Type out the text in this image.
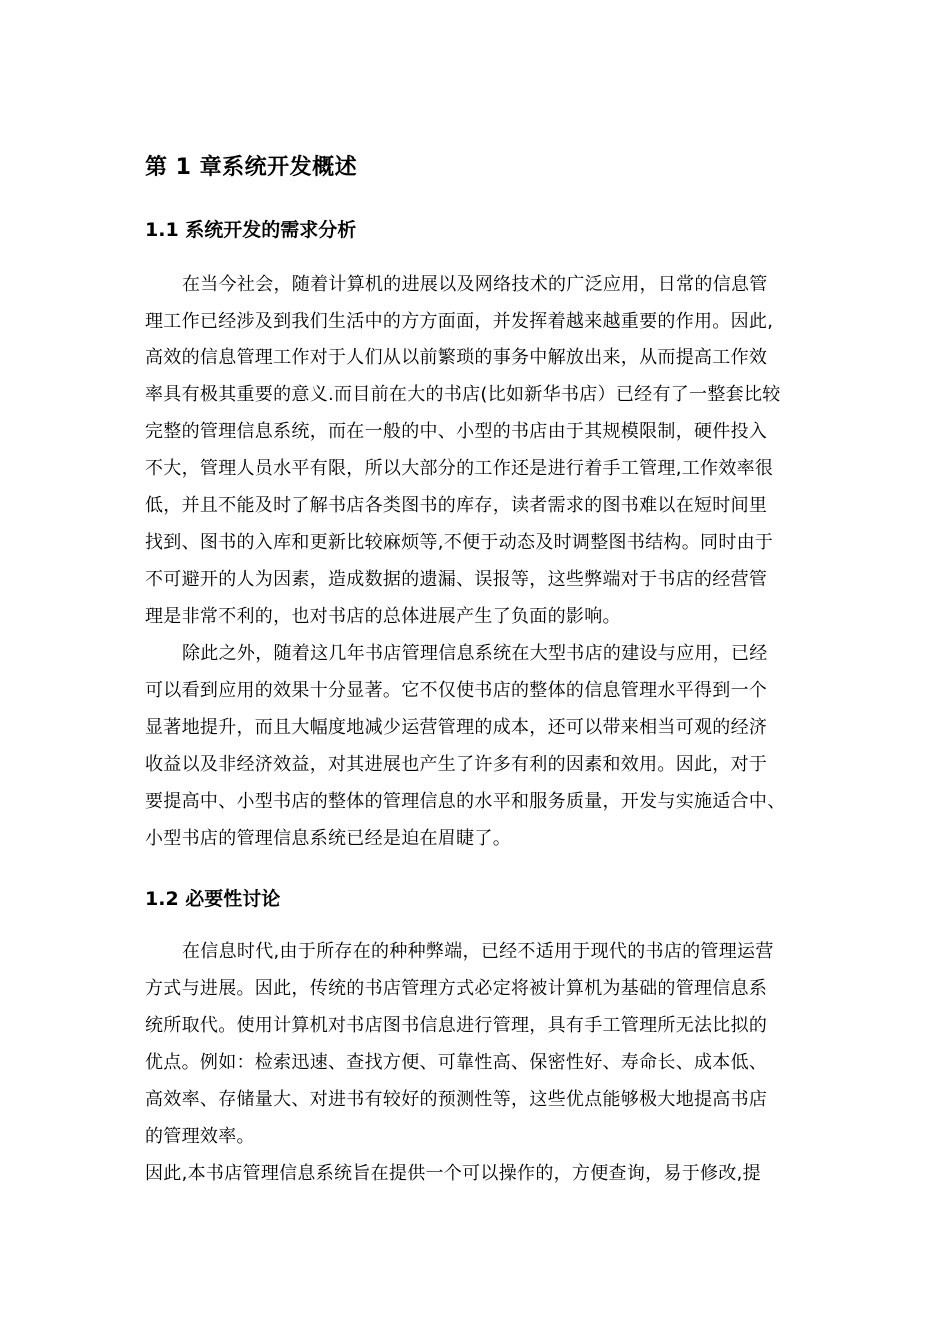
第 1 章系统开发概述
1.1 系统开发的需求分析
在当今社会，随着计算机的进展以及网络技术的广泛应用，日常的信息管
理工作已经涉及到我们生活中的方方面面，并发挥着越来越重要的作用。因此,
高效的信息管理工作对于人们从以前繁琐的事务中解放出来，从而提高工作效
率具有极其重要的意义.而目前在大的书店(比如新华书店）已经有了一整套比较
完整的管理信息系统，而在一般的中、小型的书店由于其规模限制，硬件投入
不大，管理人员水平有限，所以大部分的工作还是进行着手工管理,工作效率很
低，并且不能及时了解书店各类图书的库存，读者需求的图书难以在短时间里
找到、图书的入库和更新比较麻烦等,不便于动态及时调整图书结构。同时由于
不可避开的人为因素，造成数据的遗漏、误报等，这些弊端对于书店的经营管
理是非常不利的，也对书店的总体进展产生了负面的影响。
除此之外，随着这几年书店管理信息系统在大型书店的建设与应用，已经
可以看到应用的效果十分显著。它不仅使书店的整体的信息管理水平得到一个
显著地提升，而且大幅度地减少运营管理的成本，还可以带来相当可观的经济
收益以及非经济效益，对其进展也产生了许多有利的因素和效用。因此，对于
要提高中、小型书店的整体的管理信息的水平和服务质量，开发与实施适合中、
小型书店的管理信息系统已经是迫在眉睫了。
1.2 必要性讨论
在信息时代,由于所存在的种种弊端，已经不适用于现代的书店的管理运营
方式与进展。因此，传统的书店管理方式必定将被计算机为基础的管理信息系
统所取代。使用计算机对书店图书信息进行管理，具有手工管理所无法比拟的
优点。例如：检索迅速、查找方便、可靠性高、保密性好、寿命长、成本低、
高效率、存储量大、对进书有较好的预测性等，这些优点能够极大地提高书店
的管理效率。
因此,本书店管理信息系统旨在提供一个可以操作的，方便查询，易于修改,提
